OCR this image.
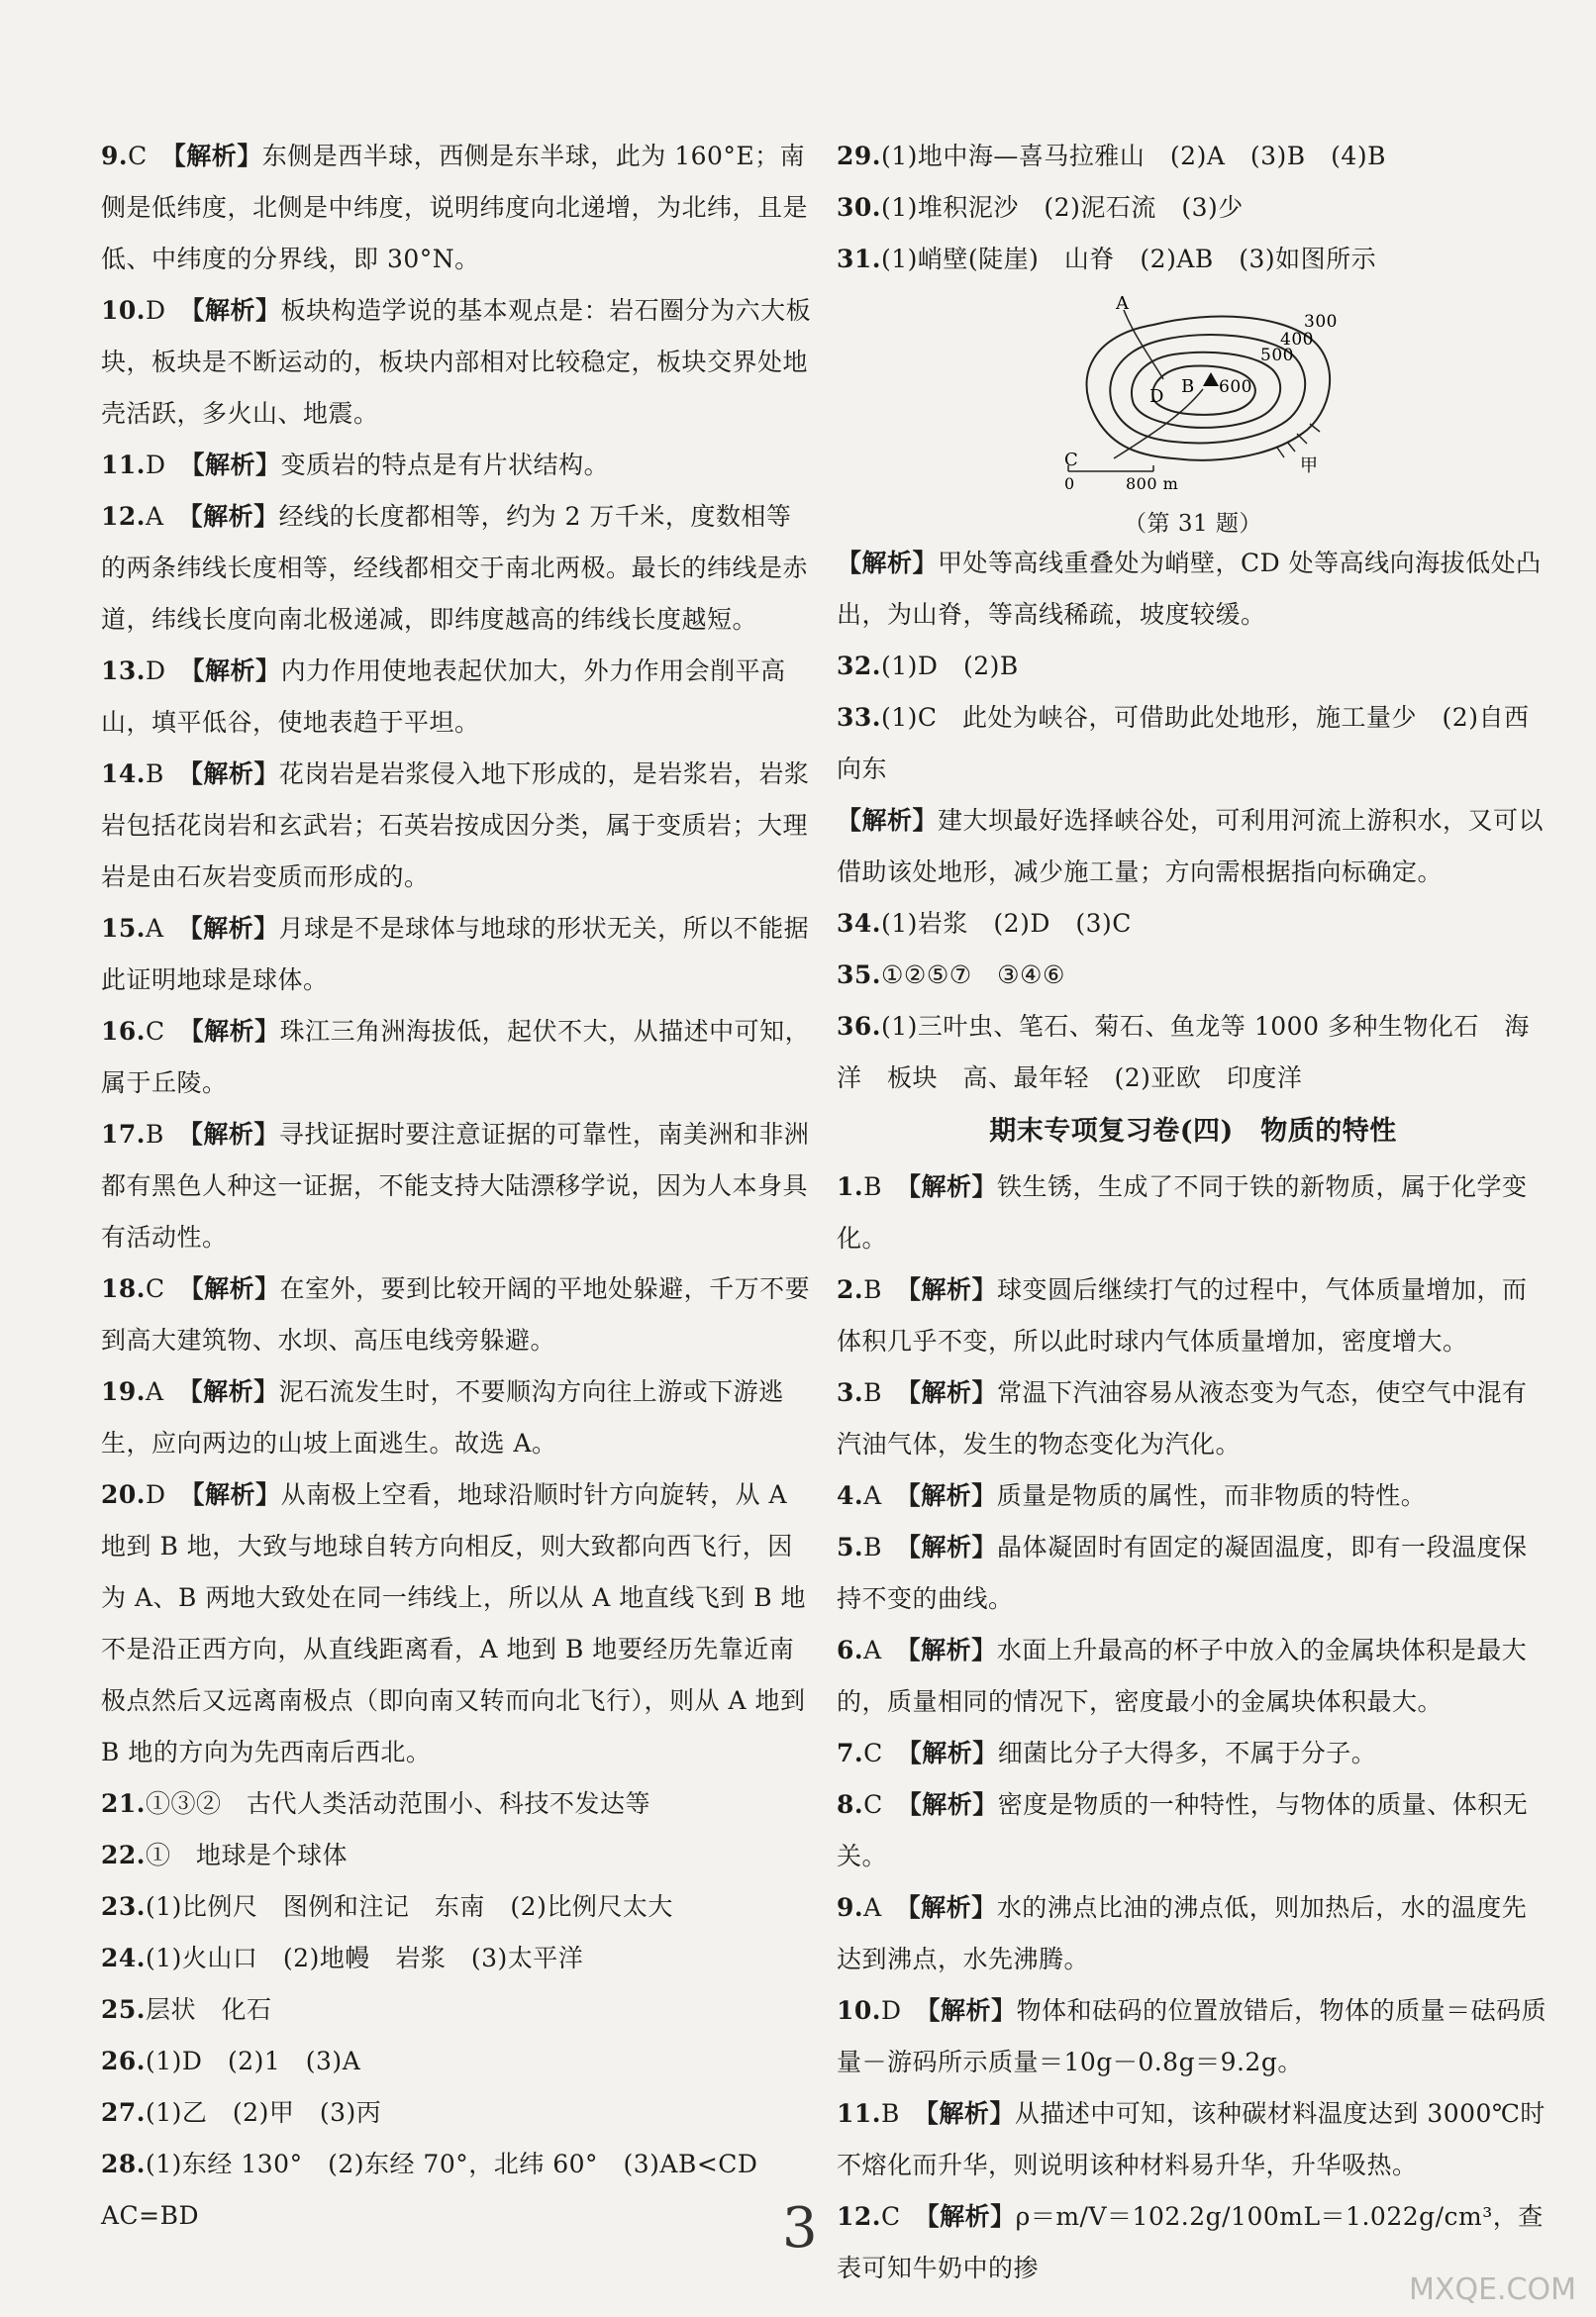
9.C 【解析】东侧是西半球，西侧是东半球，此为 160°E；南侧是低纬度，北侧是中纬度，说明纬度向北递增，为北纬，且是低、中纬度的分界线，即 30°N。
10.D 【解析】板块构造学说的基本观点是：岩石圈分为六大板块，板块是不断运动的，板块内部相对比较稳定，板块交界处地壳活跃，多火山、地震。
11.D 【解析】变质岩的特点是有片状结构。
12.A 【解析】经线的长度都相等，约为 2 万千米，度数相等的两条纬线长度相等，经线都相交于南北两极。最长的纬线是赤道，纬线长度向南北极递减，即纬度越高的纬线长度越短。
13.D 【解析】内力作用使地表起伏加大，外力作用会削平高山，填平低谷，使地表趋于平坦。
14.B 【解析】花岗岩是岩浆侵入地下形成的，是岩浆岩，岩浆岩包括花岗岩和玄武岩；石英岩按成因分类，属于变质岩；大理岩是由石灰岩变质而形成的。
15.A 【解析】月球是不是球体与地球的形状无关，所以不能据此证明地球是球体。
16.C 【解析】珠江三角洲海拔低，起伏不大，从描述中可知，属于丘陵。
17.B 【解析】寻找证据时要注意证据的可靠性，南美洲和非洲都有黑色人种这一证据，不能支持大陆漂移学说，因为人本身具有活动性。
18.C 【解析】在室外，要到比较开阔的平地处躲避，千万不要到高大建筑物、水坝、高压电线旁躲避。
19.A 【解析】泥石流发生时，不要顺沟方向往上游或下游逃生，应向两边的山坡上面逃生。故选 A。
20.D 【解析】从南极上空看，地球沿顺时针方向旋转，从 A 地到 B 地，大致与地球自转方向相反，则大致都向西飞行，因为 A、B 两地大致处在同一纬线上，所以从 A 地直线飞到 B 地不是沿正西方向，从直线距离看，A 地到 B 地要经历先靠近南极点然后又远离南极点（即向南又转而向北飞行），则从 A 地到 B 地的方向为先西南后西北。
21.①③②　古代人类活动范围小、科技不发达等
22.①　地球是个球体
23.(1)比例尺　图例和注记　东南　(2)比例尺太大
24.(1)火山口　(2)地幔　岩浆　(3)太平洋
25.层状　化石
26.(1)D　(2)1　(3)A
27.(1)乙　(2)甲　(3)丙
28.(1)东经 130°　(2)东经 70°，北纬 60°　(3)AB<CD　AC=BD
29.(1)地中海—喜马拉雅山　(2)A　(3)B　(4)B
30.(1)堆积泥沙　(2)泥石流　(3)少
31.(1)峭壁(陡崖)　山脊　(2)AB　(3)如图所示
A
B
D
C	甲
300
400
500
600
0	800 m
（第 31 题）
【解析】甲处等高线重叠处为峭壁，CD 处等高线向海拔低处凸出，为山脊，等高线稀疏，坡度较缓。
32.(1)D　(2)B
33.(1)C　此处为峡谷，可借助此处地形，施工量少　(2)自西向东
【解析】建大坝最好选择峡谷处，可利用河流上游积水，又可以借助该处地形，减少施工量；方向需根据指向标确定。
34.(1)岩浆　(2)D　(3)C
35.①②⑤⑦　③④⑥
36.(1)三叶虫、笔石、菊石、鱼龙等 1000 多种生物化石　海洋　板块　高、最年轻　(2)亚欧　印度洋
期末专项复习卷(四)　物质的特性
1.B 【解析】铁生锈，生成了不同于铁的新物质，属于化学变化。
2.B 【解析】球变圆后继续打气的过程中，气体质量增加，而体积几乎不变，所以此时球内气体质量增加，密度增大。
3.B 【解析】常温下汽油容易从液态变为气态，使空气中混有汽油气体，发生的物态变化为汽化。
4.A 【解析】质量是物质的属性，而非物质的特性。
5.B 【解析】晶体凝固时有固定的凝固温度，即有一段温度保持不变的曲线。
6.A 【解析】水面上升最高的杯子中放入的金属块体积是最大的，质量相同的情况下，密度最小的金属块体积最大。
7.C 【解析】细菌比分子大得多，不属于分子。
8.C 【解析】密度是物质的一种特性，与物体的质量、体积无关。
9.A 【解析】水的沸点比油的沸点低，则加热后，水的温度先达到沸点，水先沸腾。
10.D 【解析】物体和砝码的位置放错后，物体的质量＝砝码质量－游码所示质量＝10g－0.8g＝9.2g。
11.B 【解析】从描述中可知，该种碳材料温度达到 3000℃时不熔化而升华，则说明该种材料易升华，升华吸热。
12.C 【解析】ρ＝m/V＝102.2g/100mL＝1.022g/cm³，查表可知牛奶中的掺
3
MXQE.COM
